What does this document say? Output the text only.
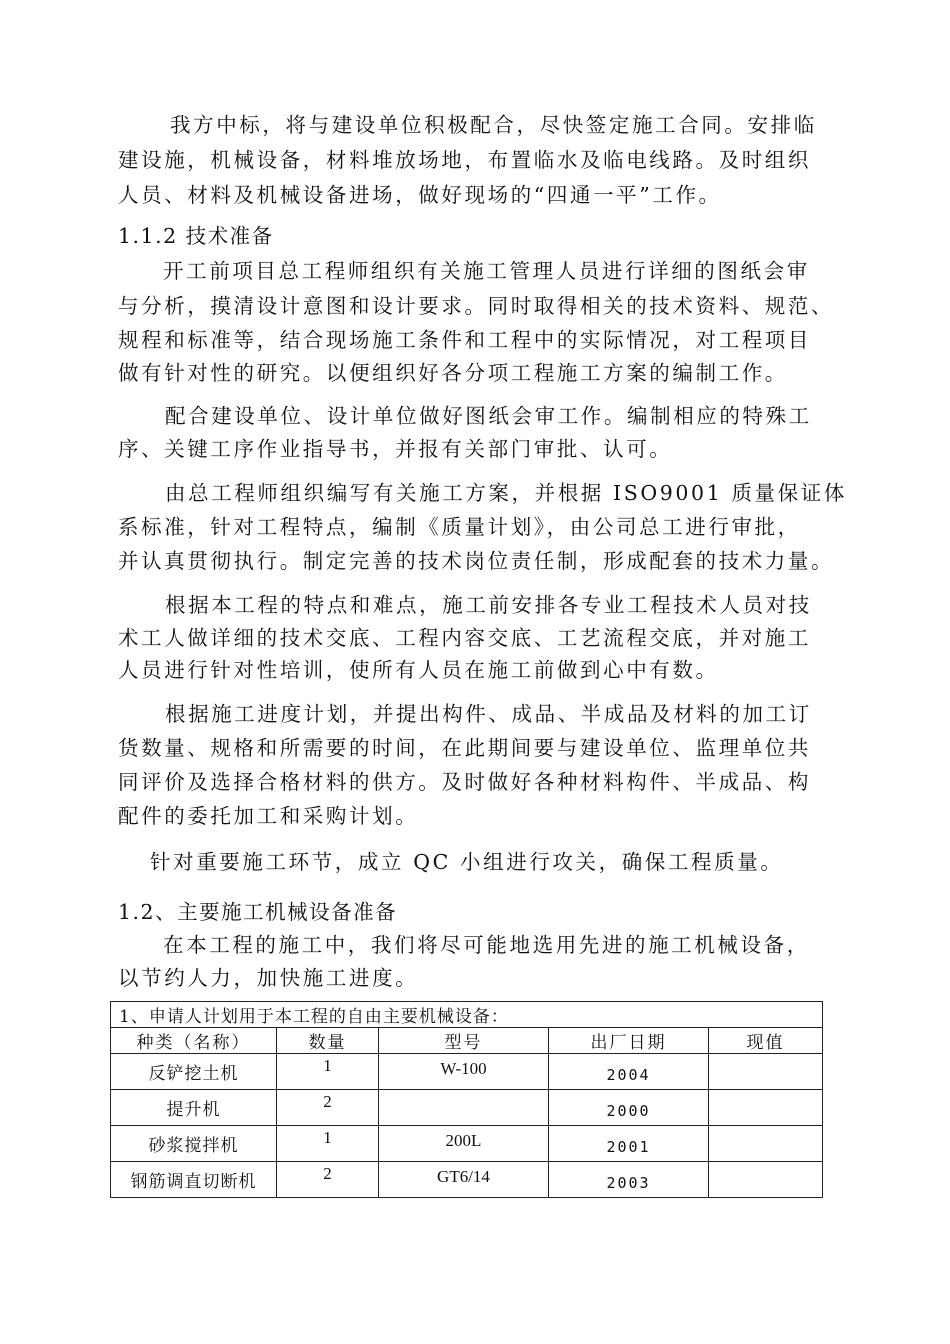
我方中标，将与建设单位积极配合，尽快签定施工合同。安排临
建设施，机械设备，材料堆放场地，布置临水及临电线路。及时组织
人员、材料及机械设备进场，做好现场的“四通一平”工作。
1.1.2 技术准备
开工前项目总工程师组织有关施工管理人员进行详细的图纸会审
与分析，摸清设计意图和设计要求。同时取得相关的技术资料、规范、
规程和标准等，结合现场施工条件和工程中的实际情况，对工程项目
做有针对性的研究。以便组织好各分项工程施工方案的编制工作。
配合建设单位、设计单位做好图纸会审工作。编制相应的特殊工
序、关键工序作业指导书，并报有关部门审批、认可。
由总工程师组织编写有关施工方案，并根据 ISO9001 质量保证体
系标准，针对工程特点，编制《质量计划》，由公司总工进行审批，
并认真贯彻执行。制定完善的技术岗位责任制，形成配套的技术力量。
根据本工程的特点和难点，施工前安排各专业工程技术人员对技
术工人做详细的技术交底、工程内容交底、工艺流程交底，并对施工
人员进行针对性培训，使所有人员在施工前做到心中有数。
根据施工进度计划，并提出构件、成品、半成品及材料的加工订
货数量、规格和所需要的时间，在此期间要与建设单位、监理单位共
同评价及选择合格材料的供方。及时做好各种材料构件、半成品、构
配件的委托加工和采购计划。
针对重要施工环节，成立 QC 小组进行攻关，确保工程质量。
1.2、主要施工机械设备准备
在本工程的施工中，我们将尽可能地选用先进的施工机械设备，
以节约人力，加快施工进度。
1、申请人计划用于本工程的自由主要机械设备：				
种类（名称）	数量	型号	出厂日期	现值
反铲挖土机	1	W-100	2004	
提升机	2		2000	
砂浆搅拌机	1	200L	2001	
钢筋调直切断机	2	GT6/14	2003	
